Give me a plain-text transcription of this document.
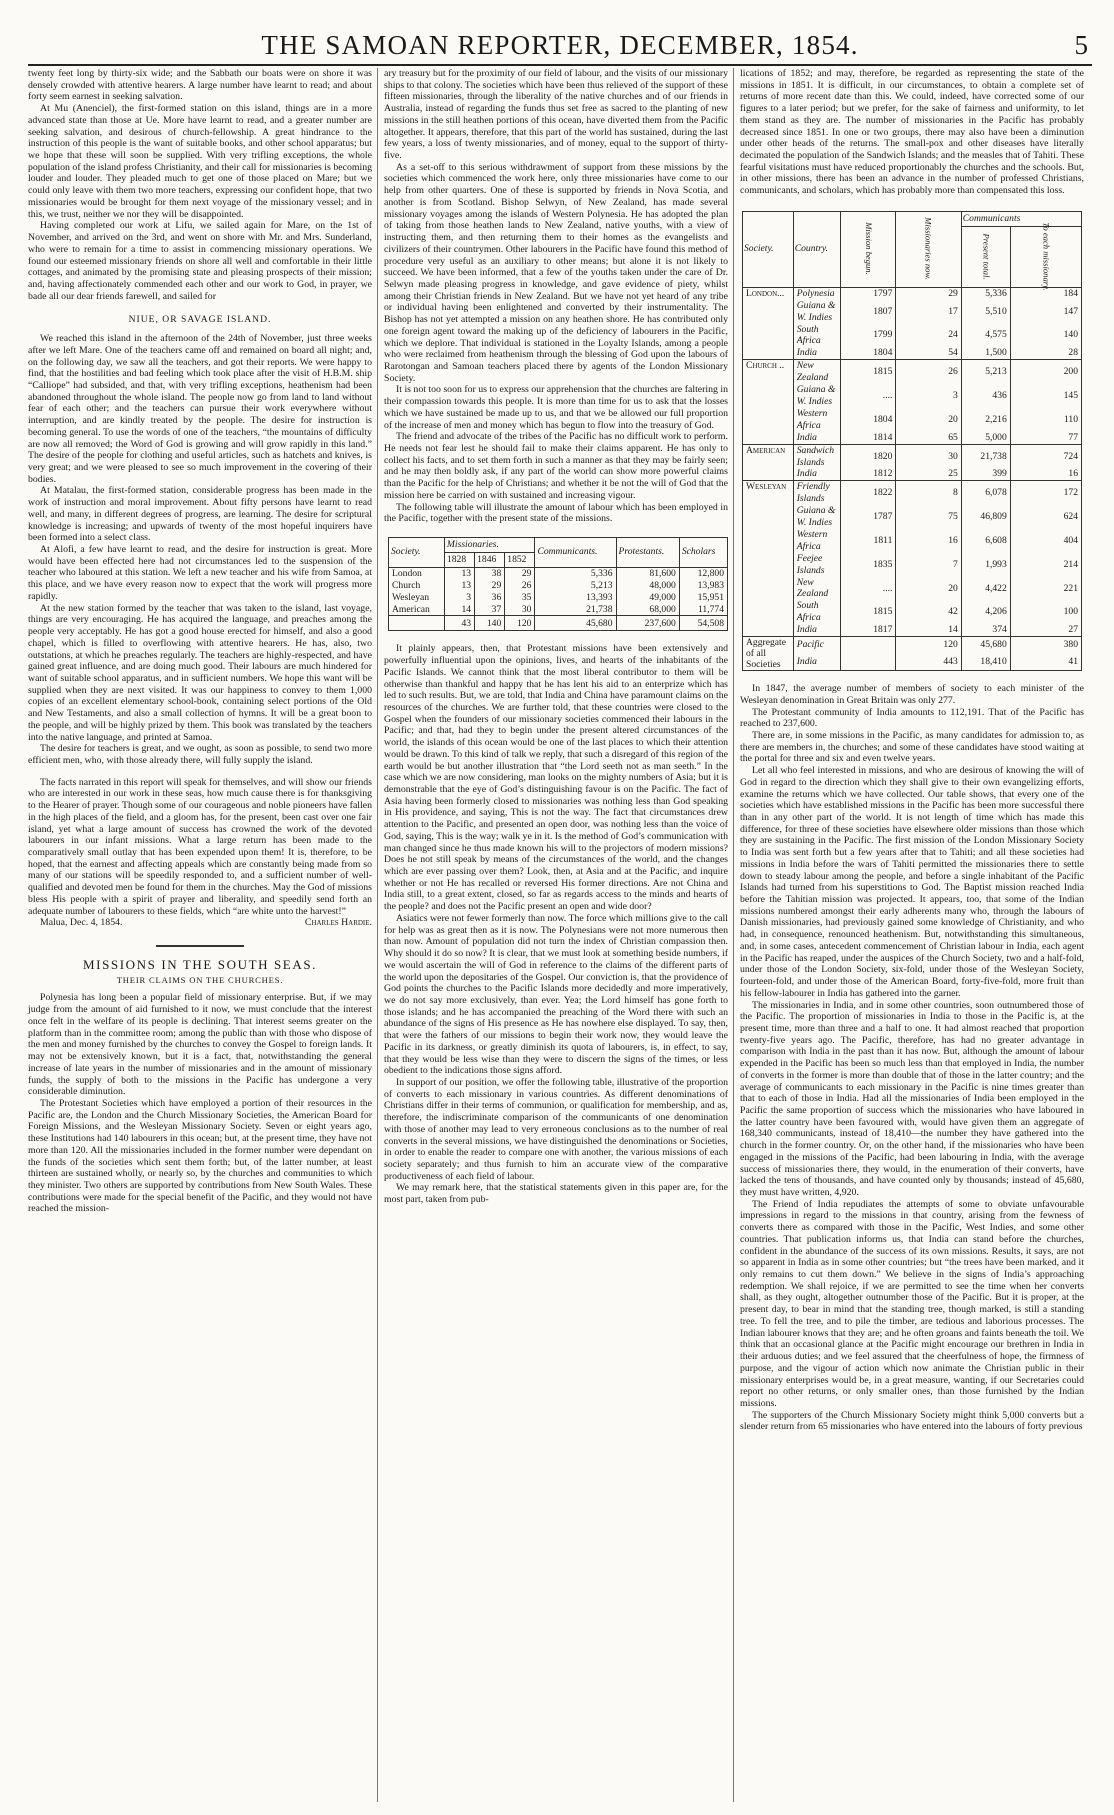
THE SAMOAN REPORTER, DECEMBER, 1854.	5

twenty feet long by thirty-six wide; and the Sabbath our boats were on shore it was densely crowded with attentive hearers. A large number have learnt to read; and about forty seem earnest in seeking salvation.

At Mu (Anenciel), the first-formed station on this island, things are in a more advanced state than those at Ue. More have learnt to read, and a greater number are seeking salvation, and desirous of church-fellowship. A great hindrance to the instruction of this people is the want of suitable books, and other school apparatus; but we hope that these will soon be supplied. With very trifling exceptions, the whole population of the island profess Christianity, and their call for missionaries is becoming louder and louder. They pleaded much to get one of those placed on Mare; but we could only leave with them two more teachers, expressing our confident hope, that two missionaries would be brought for them next voyage of the missionary vessel; and in this, we trust, neither we nor they will be disappointed.

Having completed our work at Lifu, we sailed again for Mare, on the 1st of November, and arrived on the 3rd, and went on shore with Mr. and Mrs. Sunderland, who were to remain for a time to assist in commencing missionary operations. We found our esteemed missionary friends on shore all well and comfortable in their little cottages, and animated by the promising state and pleasing prospects of their mission; and, having affectionately commended each other and our work to God, in prayer, we bade all our dear friends farewell, and sailed for

NIUE, OR SAVAGE ISLAND.

We reached this island in the afternoon of the 24th of November, just three weeks after we left Mare. One of the teachers came off and remained on board all night; and, on the following day, we saw all the teachers, and got their reports. We were happy to find, that the hostilities and bad feeling which took place after the visit of H.B.M. ship “Calliope” had subsided, and that, with very trifling exceptions, heathenism had been abandoned throughout the whole island. The people now go from land to land without fear of each other; and the teachers can pursue their work everywhere without interruption, and are kindly treated by the people. The desire for instruction is becoming general. To use the words of one of the teachers, “the mountains of difficulty are now all removed; the Word of God is growing and will grow rapidly in this land.” The desire of the people for clothing and useful articles, such as hatchets and knives, is very great; and we were pleased to see so much improvement in the covering of their bodies.

At Matalau, the first-formed station, considerable progress has been made in the work of instruction and moral improvement. About fifty persons have learnt to read well, and many, in different degrees of progress, are learning. The desire for scriptural knowledge is increasing; and upwards of twenty of the most hopeful inquirers have been formed into a select class.

At Alofi, a few have learnt to read, and the desire for instruction is great. More would have been effected here had not circumstances led to the suspension of the teacher who laboured at this station. We left a new teacher and his wife from Samoa, at this place, and we have every reason now to expect that the work will progress more rapidly.

At the new station formed by the teacher that was taken to the island, last voyage, things are very encouraging. He has acquired the language, and preaches among the people very acceptably. He has got a good house erected for himself, and also a good chapel, which is filled to overflowing with attentive hearers. He has, also, two outstations, at which he preaches regularly. The teachers are highly-respected, and have gained great influence, and are doing much good. Their labours are much hindered for want of suitable school apparatus, and in sufficient numbers. We hope this want will be supplied when they are next visited. It was our happiness to convey to them 1,000 copies of an excellent elementary school-book, containing select portions of the Old and New Testaments, and also a small collection of hymns. It will be a great boon to the people, and will be highly prized by them. This book was translated by the teachers into the native language, and printed at Samoa.

The desire for teachers is great, and we ought, as soon as possible, to send two more efficient men, who, with those already there, will fully supply the island.

The facts narrated in this report will speak for themselves, and will show our friends who are interested in our work in these seas, how much cause there is for thanksgiving to the Hearer of prayer. Though some of our courageous and noble pioneers have fallen in the high places of the field, and a gloom has, for the present, been cast over one fair island, yet what a large amount of success has crowned the work of the devoted labourers in our infant missions. What a large return has been made to the comparatively small outlay that has been expended upon them! It is, therefore, to be hoped, that the earnest and affecting appeals which are constantly being made from so many of our stations will be speedily responded to, and a sufficient number of well-qualified and devoted men be found for them in the churches. May the God of missions bless His people with a spirit of prayer and liberality, and speedily send forth an adequate number of labourers to these fields, which “are white unto the harvest!”

Malua, Dec. 4, 1854.	Charles Hardie.
MISSIONS IN THE SOUTH SEAS.
THEIR CLAIMS ON THE CHURCHES.

Polynesia has long been a popular field of missionary enterprise. But, if we may judge from the amount of aid furnished to it now, we must conclude that the interest once felt in the welfare of its people is declining. That interest seems greater on the platform than in the committee room; among the public than with those who dispose of the men and money furnished by the churches to convey the Gospel to foreign lands. It may not be extensively known, but it is a fact, that, notwithstanding the general increase of late years in the number of missionaries and in the amount of missionary funds, the supply of both to the missions in the Pacific has undergone a very considerable diminution.

The Protestant Societies which have employed a portion of their resources in the Pacific are, the London and the Church Missionary Societies, the American Board for Foreign Missions, and the Wesleyan Missionary Society. Seven or eight years ago, these Institutions had 140 labourers in this ocean; but, at the present time, they have not more than 120. All the missionaries included in the former number were dependant on the funds of the societies which sent them forth; but, of the latter number, at least thirteen are sustained wholly, or nearly so, by the churches and communities to which they minister. Two others are supported by contributions from New South Wales. These contributions were made for the special benefit of the Pacific, and they would not have reached the mission-

ary treasury but for the proximity of our field of labour, and the visits of our missionary ships to that colony. The societies which have been thus relieved of the support of these fifteen missionaries, through the liberality of the native churches and of our friends in Australia, instead of regarding the funds thus set free as sacred to the planting of new missions in the still heathen portions of this ocean, have diverted them from the Pacific altogether. It appears, therefore, that this part of the world has sustained, during the last few years, a loss of twenty missionaries, and of money, equal to the support of thirty-five.

As a set-off to this serious withdrawment of support from these missions by the societies which commenced the work here, only three missionaries have come to our help from other quarters. One of these is supported by friends in Nova Scotia, and another is from Scotland. Bishop Selwyn, of New Zealand, has made several missionary voyages among the islands of Western Polynesia. He has adopted the plan of taking from those heathen lands to New Zealand, native youths, with a view of instructing them, and then returning them to their homes as the evangelists and civilizers of their countrymen. Other labourers in the Pacific have found this method of procedure very useful as an auxiliary to other means; but alone it is not likely to succeed. We have been informed, that a few of the youths taken under the care of Dr. Selwyn made pleasing progress in knowledge, and gave evidence of piety, whilst among their Christian friends in New Zealand. But we have not yet heard of any tribe or individual having been enlightened and converted by their instrumentality. The Bishop has not yet attempted a mission on any heathen shore. He has contributed only one foreign agent toward the making up of the deficiency of labourers in the Pacific, which we deplore. That individual is stationed in the Loyalty Islands, among a people who were reclaimed from heathenism through the blessing of God upon the labours of Rarotongan and Samoan teachers placed there by agents of the London Missionary Society.

It is not too soon for us to express our apprehension that the churches are faltering in their compassion towards this people. It is more than time for us to ask that the losses which we have sustained be made up to us, and that we be allowed our full proportion of the increase of men and money which has begun to flow into the treasury of God.

The friend and advocate of the tribes of the Pacific has no difficult work to perform. He needs not fear lest he should fail to make their claims apparent. He has only to collect his facts, and to set them forth in such a manner as that they may be fairly seen; and he may then boldly ask, if any part of the world can show more powerful claims than the Pacific for the help of Christians; and whether it be not the will of God that the mission here be carried on with sustained and increasing vigour.

The following table will illustrate the amount of labour which has been employed in the Pacific, together with the present state of the missions.

Society.	Missionaries.			Communicants.	Protestants.	Scholars
	1828	1846	1852			
London	13	38	29	5,336	81,600	12,800
Church	13	29	26	5,213	48,000	13,983
Wesleyan	3	36	35	13,393	49,000	15,951
American	14	37	30	21,738	68,000	11,774
	43	140	120	45,680	237,600	54,508

It plainly appears, then, that Protestant missions have been extensively and powerfully influential upon the opinions, lives, and hearts of the inhabitants of the Pacific Islands. We cannot think that the most liberal contributor to them will be otherwise than thankful and happy that he has lent his aid to an enterprize which has led to such results. But, we are told, that India and China have paramount claims on the resources of the churches. We are further told, that these countries were closed to the Gospel when the founders of our missionary societies commenced their labours in the Pacific; and that, had they to begin under the present altered circumstances of the world, the islands of this ocean would be one of the last places to which their attention would be drawn. To this kind of talk we reply, that such a disregard of this region of the earth would be but another illustration that “the Lord seeth not as man seeth.” In the case which we are now considering, man looks on the mighty numbers of Asia; but it is demonstrable that the eye of God’s distinguishing favour is on the Pacific. The fact of Asia having been formerly closed to missionaries was nothing less than God speaking in His providence, and saying, This is not the way. The fact that circumstances drew attention to the Pacific, and presented an open door, was nothing less than the voice of God, saying, This is the way; walk ye in it. Is the method of God’s communication with man changed since he thus made known his will to the projectors of modern missions? Does he not still speak by means of the circumstances of the world, and the changes which are ever passing over them? Look, then, at Asia and at the Pacific, and inquire whether or not He has recalled or reversed His former directions. Are not China and India still, to a great extent, closed, so far as regards access to the minds and hearts of the people? and does not the Pacific present an open and wide door?

Asiatics were not fewer formerly than now. The force which millions give to the call for help was as great then as it is now. The Polynesians were not more numerous then than now. Amount of population did not turn the index of Christian compassion then. Why should it do so now? It is clear, that we must look at something beside numbers, if we would ascertain the will of God in reference to the claims of the different parts of the world upon the depositaries of the Gospel. Our conviction is, that the providence of God points the churches to the Pacific Islands more decidedly and more imperatively, we do not say more exclusively, than ever. Yea; the Lord himself has gone forth to those islands; and he has accompanied the preaching of the Word there with such an abundance of the signs of His presence as He has nowhere else displayed. To say, then, that were the fathers of our missions to begin their work now, they would leave the Pacific in its darkness, or greatly diminish its quota of labourers, is, in effect, to say, that they would be less wise than they were to discern the signs of the times, or less obedient to the indications those signs afford.

In support of our position, we offer the following table, illustrative of the proportion of converts to each missionary in various countries. As different denominations of Christians differ in their terms of communion, or qualification for membership, and as, therefore, the indiscriminate comparison of the communicants of one denomination with those of another may lead to very erroneous conclusions as to the number of real converts in the several missions, we have distinguished the denominations or Societies, in order to enable the reader to compare one with another, the various missions of each society separately; and thus furnish to him an accurate view of the comparative productiveness of each field of labour.

We may remark here, that the statistical statements given in this paper are, for the most part, taken from pub-

lications of 1852; and may, therefore, be regarded as representing the state of the missions in 1851. It is difficult, in our circumstances, to obtain a complete set of returns of more recent date than this. We could, indeed, have corrected some of our figures to a later period; but we prefer, for the sake of fairness and uniformity, to let them stand as they are. The number of missionaries in the Pacific has probably decreased since 1851. In one or two groups, there may also have been a diminution under other heads of the returns. The small-pox and other diseases have literally decimated the population of the Sandwich Islands; and the measles that of Tahiti. These fearful visitations must have reduced proportionably the churches and the schools. But, in other missions, there has been an advance in the number of professed Christians, communicants, and scholars, which has probably more than compensated this loss.

Society.	Country.	Mission begun.	Missionaries now.	Communicants	
				Present total.	To each missionary.
London...	Polynesia	1797	29	5,336	184
	Guiana & W. Indies	1807	17	5,510	147
	South Africa	1799	24	4,575	140
	India	1804	54	1,500	28
Church ..	New Zealand	1815	26	5,213	200
	Guiana & W. Indies	....	3	436	145
	Western Africa	1804	20	2,216	110
	India	1814	65	5,000	77
American	Sandwich Islands	1820	30	21,738	724
	India	1812	25	399	16
Wesleyan	Friendly Islands	1822	8	6,078	172
	Guiana & W. Indies	1787	75	46,809	624
	Western Africa	1811	16	6,608	404
	Feejee Islands	1835	7	1,993	214
	New Zealand	....	20	4,422	221
	South Africa	1815	42	4,206	100
	India	1817	14	374	27
Aggregate of all Societies	Pacific		120	45,680	380
	India		443	18,410	41

In 1847, the average number of members of society to each minister of the Wesleyan denomination in Great Britain was only 277.

The Protestant community of India amounts to 112,191. That of the Pacific has reached to 237,600.

There are, in some missions in the Pacific, as many candidates for admission to, as there are members in, the churches; and some of these candidates have stood waiting at the portal for three and six and even twelve years.

Let all who feel interested in missions, and who are desirous of knowing the will of God in regard to the direction which they shall give to their own evangelizing efforts, examine the returns which we have collected. Our table shows, that every one of the societies which have established missions in the Pacific has been more successful there than in any other part of the world. It is not length of time which has made this difference, for three of these societies have elsewhere older missions than those which they are sustaining in the Pacific. The first mission of the London Missionary Society to India was sent forth but a few years after that to Tahiti; and all these societies had missions in India before the wars of Tahiti permitted the missionaries there to settle down to steady labour among the people, and before a single inhabitant of the Pacific Islands had turned from his superstitions to God. The Baptist mission reached India before the Tahitian mission was projected. It appears, too, that some of the Indian missions numbered amongst their early adherents many who, through the labours of Danish missionaries, had previously gained some knowledge of Christianity, and who had, in consequence, renounced heathenism. But, notwithstanding this simultaneous, and, in some cases, antecedent commencement of Christian labour in India, each agent in the Pacific has reaped, under the auspices of the Church Society, two and a half-fold, under those of the London Society, six-fold, under those of the Wesleyan Society, fourteen-fold, and under those of the American Board, forty-five-fold, more fruit than his fellow-labourer in India has gathered into the garner.

The missionaries in India, and in some other countries, soon outnumbered those of the Pacific. The proportion of missionaries in India to those in the Pacific is, at the present time, more than three and a half to one. It had almost reached that proportion twenty-five years ago. The Pacific, therefore, has had no greater advantage in comparison with India in the past than it has now. But, although the amount of labour expended in the Pacific has been so much less than that employed in India, the number of converts in the former is more than double that of those in the latter country; and the average of communicants to each missionary in the Pacific is nine times greater than that to each of those in India. Had all the missionaries of India been employed in the Pacific the same proportion of success which the missionaries who have laboured in the latter country have been favoured with, would have given them an aggregate of 168,340 communicants, instead of 18,410—the number they have gathered into the church in the former country. Or, on the other hand, if the missionaries who have been engaged in the missions of the Pacific, had been labouring in India, with the average success of missionaries there, they would, in the enumeration of their converts, have lacked the tens of thousands, and have counted only by thousands; instead of 45,680, they must have written, 4,920.

The Friend of India repudiates the attempts of some to obviate unfavourable impressions in regard to the missions in that country, arising from the fewness of converts there as compared with those in the Pacific, West Indies, and some other countries. That publication informs us, that India can stand before the churches, confident in the abundance of the success of its own missions. Results, it says, are not so apparent in India as in some other countries; but “the trees have been marked, and it only remains to cut them down.” We believe in the signs of India’s approaching redemption. We shall rejoice, if we are permitted to see the time when her converts shall, as they ought, altogether outnumber those of the Pacific. But it is proper, at the present day, to bear in mind that the standing tree, though marked, is still a standing tree. To fell the tree, and to pile the timber, are tedious and laborious processes. The Indian labourer knows that they are; and he often groans and faints beneath the toil. We think that an occasional glance at the Pacific might encourage our brethren in India in their arduous duties; and we feel assured that the cheerfulness of hope, the firmness of purpose, and the vigour of action which now animate the Christian public in their missionary enterprises would be, in a great measure, wanting, if our Secretaries could report no other returns, or only smaller ones, than those furnished by the Indian missions.

The supporters of the Church Missionary Society might think 5,000 converts but a slender return from 65 missionaries who have entered into the labours of forty previous
